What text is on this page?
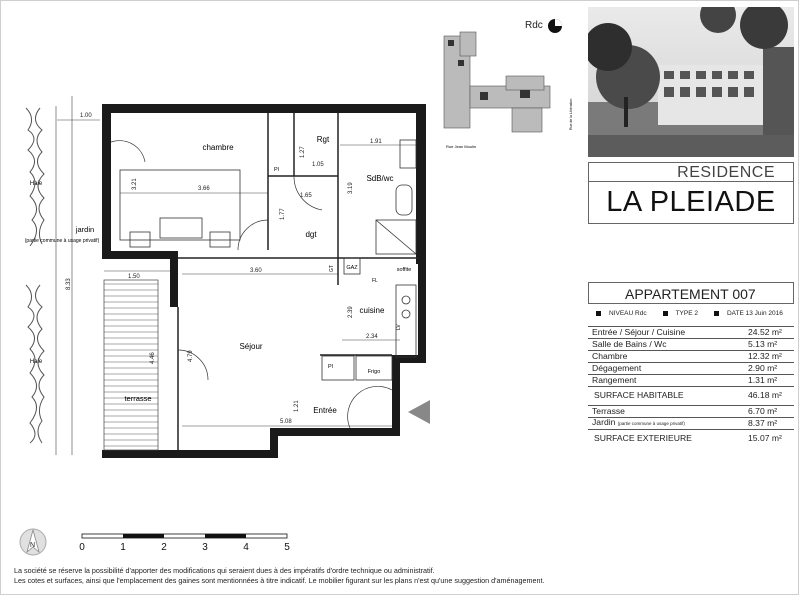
Haie
Haie
chambre
Rgt
SdB/wc
dgt
Séjour
cuisine
Entrée
terrasse
jardin
(partie commune à usage privatif)
GAZ	soffite
Frigo
Pl
Pl
GT
FL
LV
1.00
3.21	3.66
1.27
1.05
1.65
1.77
1.91
3.19
8.33
1.50
3.60
2.39
2.34
4.79
4.46
1.21
5.08
Rdc
Rue Jean Moulin
Rue de la Libération
RESIDENCE
LA PLEIADE
APPARTEMENT 007
NIVEAU Rdc	TYPE 2	DATE 13 Juin 2016
Entrée / Séjour / Cuisine	24.52 m²
Salle de Bains / Wc	5.13 m²
Chambre	12.32 m²
Dégagement	2.90 m²
Rangement	1.31 m²
SURFACE HABITABLE	46.18 m²
Terrasse	6.70 m²
Jardin (partie commune à usage privatif)	8.37 m²
SURFACE EXTERIEURE	15.07 m²
N	0	1	2	3	4	5
La société se réserve la possibilité d'apporter des modifications qui seraient dues à des impératifs d'ordre technique ou administratif.
Les cotes et surfaces, ainsi que l'emplacement des gaines sont mentionnées à titre indicatif. Le mobilier figurant sur les plans n'est qu'une suggestion d'aménagement.
